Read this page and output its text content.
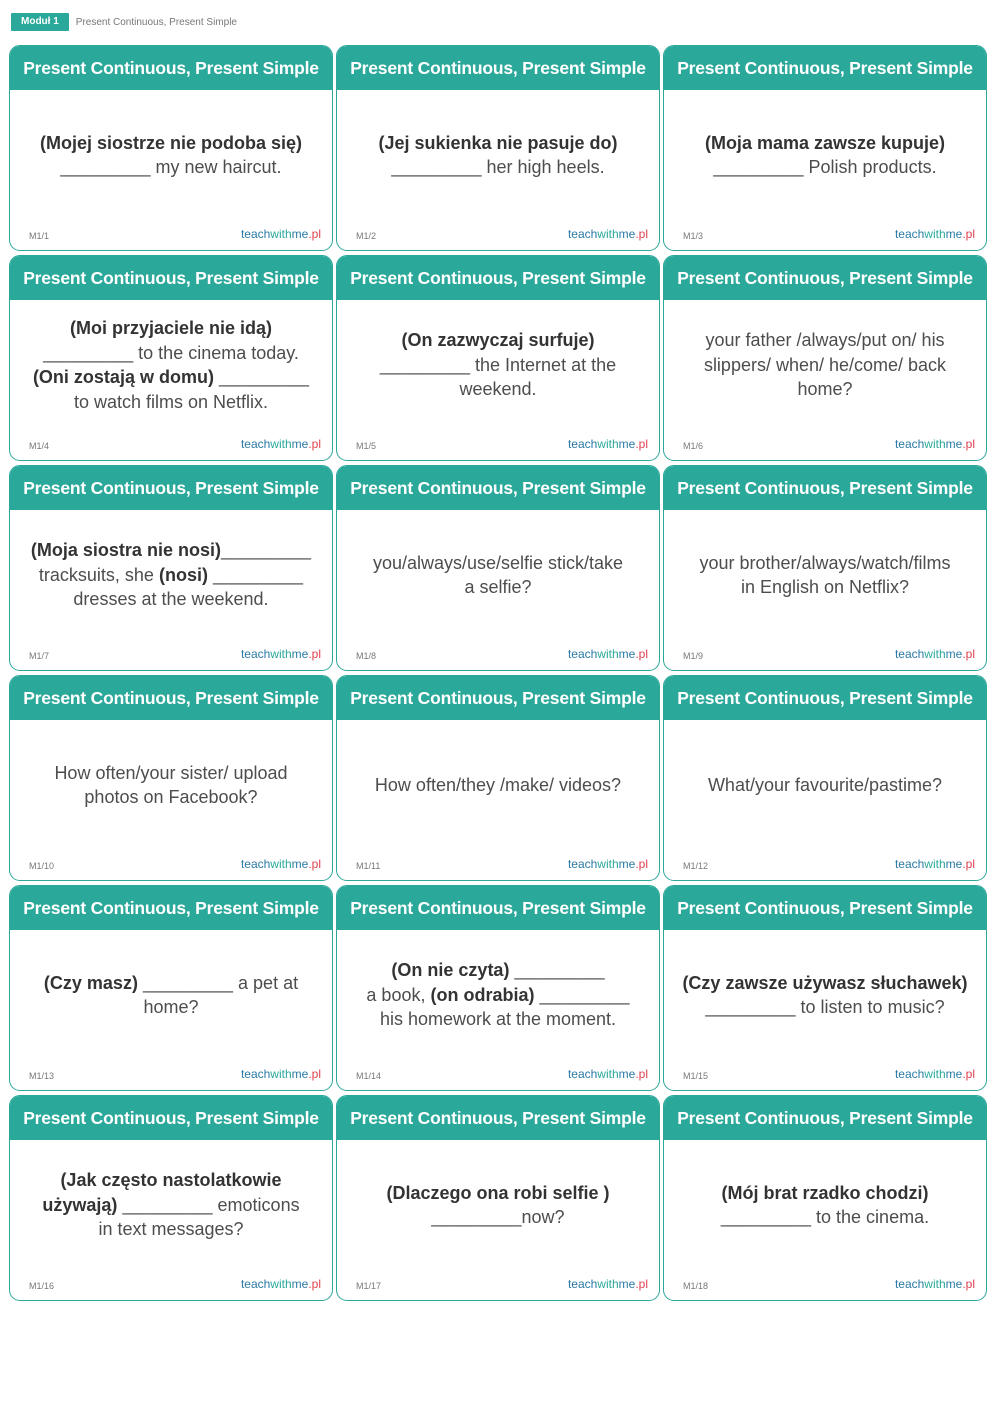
Moduł 1	Present Continuous, Present Simple
Present Continuous, Present Simple
(Mojej siostrze nie podoba się)
_________ my new haircut.
M1/1	teachwithme.pl
Present Continuous, Present Simple
(Jej sukienka nie pasuje do)
_________ her high heels.
M1/2	teachwithme.pl
Present Continuous, Present Simple
(Moja mama zawsze kupuje)
_________ Polish products.
M1/3	teachwithme.pl
Present Continuous, Present Simple
(Moi przyjaciele nie idą)
_________ to the cinema today.
(Oni zostają w domu) _________
to watch films on Netflix.
M1/4	teachwithme.pl
Present Continuous, Present Simple
(On zazwyczaj surfuje)
_________ the Internet at the
weekend.
M1/5	teachwithme.pl
Present Continuous, Present Simple
your father /always/put on/ his
slippers/ when/ he/come/ back
home?
M1/6	teachwithme.pl
Present Continuous, Present Simple
(Moja siostra nie nosi)_________
tracksuits, she (nosi) _________
dresses at the weekend.
M1/7	teachwithme.pl
Present Continuous, Present Simple
you/always/use/selfie stick/take
a selfie?
M1/8	teachwithme.pl
Present Continuous, Present Simple
your brother/always/watch/films
in English on Netflix?
M1/9	teachwithme.pl
Present Continuous, Present Simple
How often/your sister/ upload
photos on Facebook?
M1/10	teachwithme.pl
Present Continuous, Present Simple
How often/they /make/ videos?
M1/11	teachwithme.pl
Present Continuous, Present Simple
What/your favourite/pastime?
M1/12	teachwithme.pl
Present Continuous, Present Simple
(Czy masz) _________ a pet at
home?
M1/13	teachwithme.pl
Present Continuous, Present Simple
(On nie czyta) _________
a book, (on odrabia) _________
his homework at the moment.
M1/14	teachwithme.pl
Present Continuous, Present Simple
(Czy zawsze używasz słuchawek)
_________ to listen to music?
M1/15	teachwithme.pl
Present Continuous, Present Simple
(Jak często nastolatkowie
używają) _________ emoticons
in text messages?
M1/16	teachwithme.pl
Present Continuous, Present Simple
(Dlaczego ona robi selfie )
_________now?
M1/17	teachwithme.pl
Present Continuous, Present Simple
(Mój brat rzadko chodzi)
_________ to the cinema.
M1/18	teachwithme.pl
